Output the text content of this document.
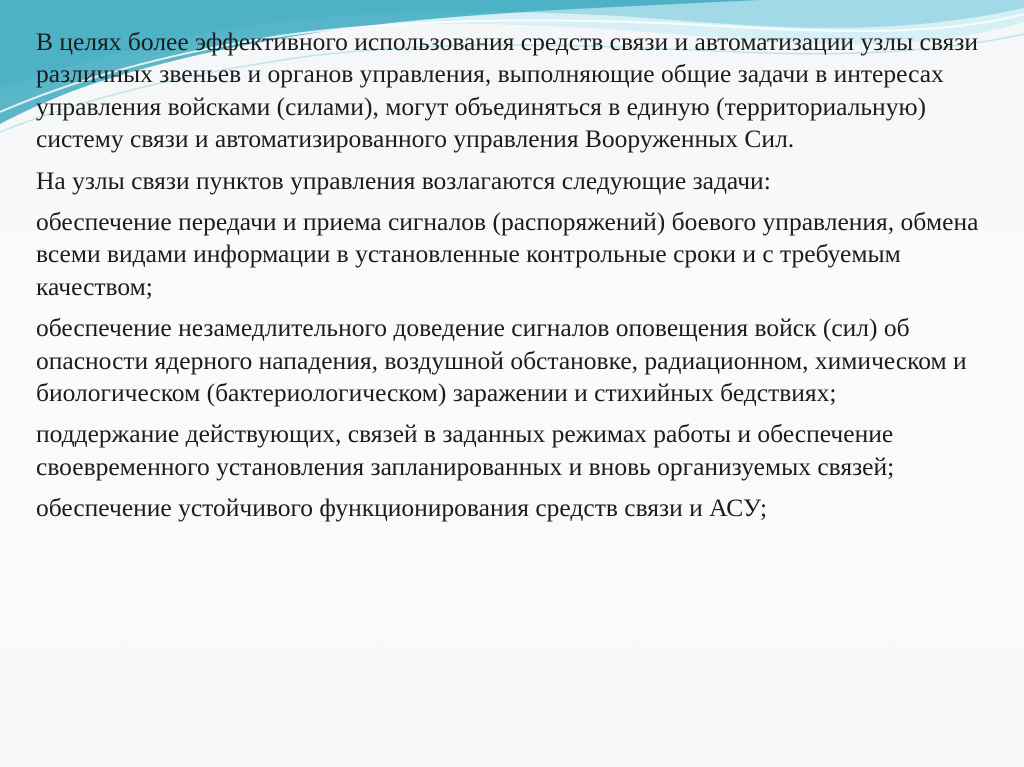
В целях более эффективного использования средств связи и автоматизации узлы связи различных звеньев и органов управления, выполняющие общие задачи в интересах управления войсками (силами), могут объединяться в единую (территориальную) систему связи и автоматизированного управления Вооруженных Сил.

На узлы связи пунктов управления возлагаются следующие задачи:

обеспечение передачи и приема сигналов (распоряжений) боевого управления, обмена всеми видами информации в установленные контрольные сроки и с требуемым качеством;

обеспечение незамедлительного доведение сигналов оповещения войск (сил) об опасности ядерного нападения, воздушной обстановке, радиационном, химическом и биологическом (бактериологическом) заражении и стихийных бедствиях;

поддержание действующих, связей в заданных режимах работы и обеспечение своевременного установления запланированных и вновь организуемых связей;

обеспечение устойчивого функционирования средств связи и АСУ;
